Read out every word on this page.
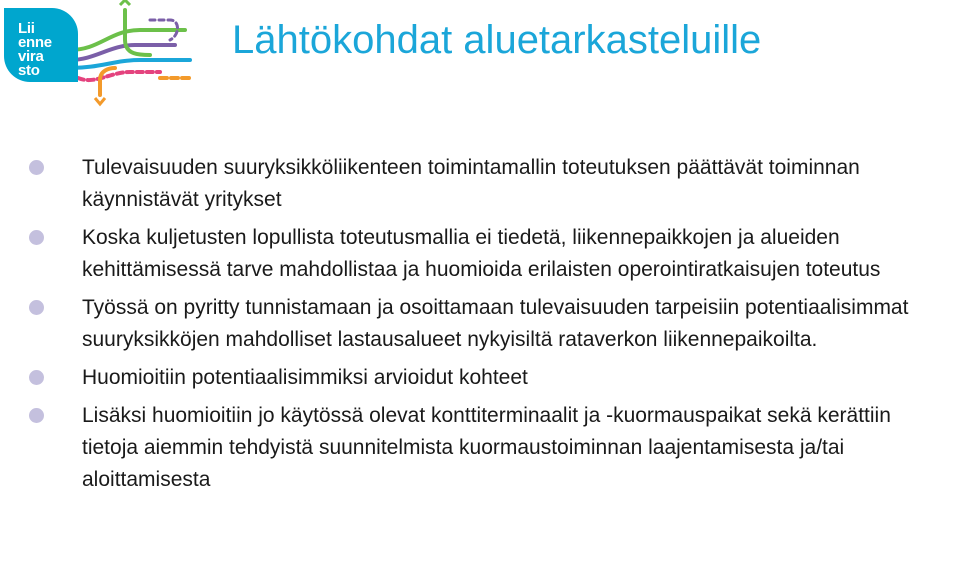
Lii
enne
vira
sto
Lähtökohdat aluetarkasteluille
Tulevaisuuden suuryksikköliikenteen toimintamallin toteutuksen päättävät toiminnan käynnistävät yritykset
Koska kuljetusten lopullista toteutusmallia ei tiedetä, liikennepaikkojen ja alueiden kehittämisessä tarve mahdollistaa ja huomioida erilaisten operointiratkaisujen toteutus
Työssä on pyritty tunnistamaan ja osoittamaan tulevaisuuden tarpeisiin potentiaalisimmat suuryksikköjen mahdolliset lastausalueet nykyisiltä rataverkon liikennepaikoilta.
Huomioitiin potentiaalisimmiksi arvioidut kohteet
Lisäksi huomioitiin jo käytössä olevat konttiterminaalit ja -kuormauspaikat sekä kerättiin tietoja aiemmin tehdyistä suunnitelmista kuormaustoiminnan laajentamisesta ja/tai aloittamisesta
